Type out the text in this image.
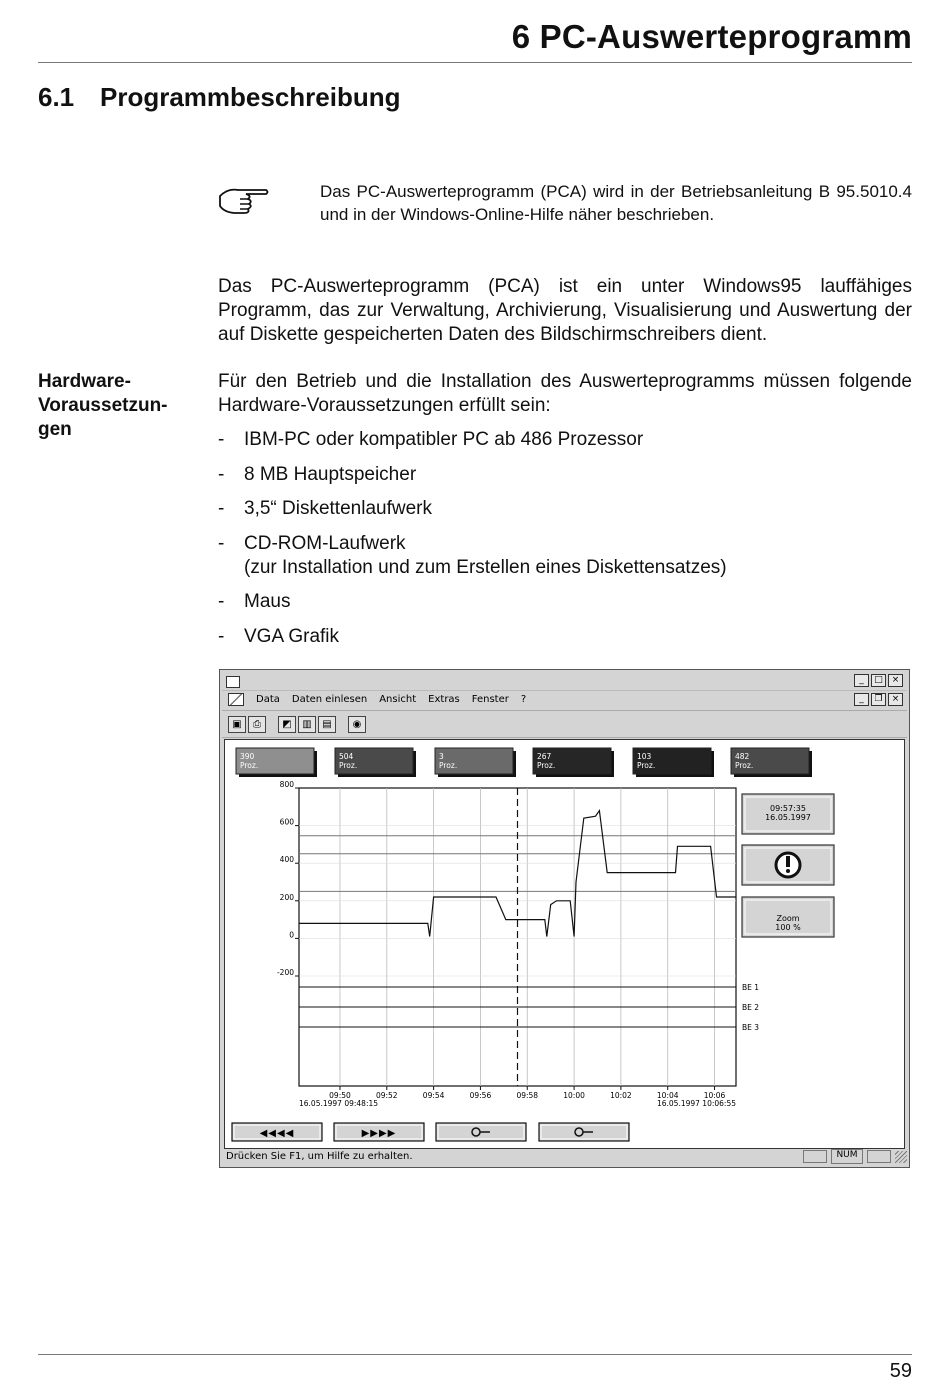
6 PC-Auswerteprogramm
6.1 Programmbeschreibung
Das PC-Auswerteprogramm (PCA) wird in der Betriebsanleitung B 95.5010.4 und in der Windows-Online-Hilfe näher beschrieben.
Das PC-Auswerteprogramm (PCA) ist ein unter Windows95 lauffähiges Programm, das zur Verwaltung, Archivierung, Visualisierung und Auswertung der auf Diskette gespeicherten Daten des Bildschirmschreibers dient.
Hardware-
Voraussetzun-
gen
Für den Betrieb und die Installation des Auswerteprogramms müssen folgende Hardware-Voraussetzungen erfüllt sein:
- IBM-PC oder kompatibler PC ab 486 Prozessor
- 8 MB Hauptspeicher
- 3,5“ Diskettenlaufwerk
- CD-ROM-Laufwerk
(zur Installation und zum Erstellen eines Diskettensatzes)
- Maus
- VGA Grafik
_	□ ×
Data Daten einlesen Ansicht Extras Fenster ?	_	❐	×
▣	⎙	◩	▥	▤	◉
390
Proz.
504
Proz.
3
Proz.
267
Proz.
103
Proz.
482
Proz.
09:57:35
16.05.1997
Zoom
100 %
09:50	09:52	09:54	09:56	09:58	10:00	10:02	10:04	10:06
800
600
400
200
0
-200
BE 1
BE 2
BE 3
16.05.1997 09:48:15	16.05.1997 10:06:55
◀◀◀◀	▶▶▶▶
Drücken Sie F1, um Hilfe zu erhalten.	NUM
59
